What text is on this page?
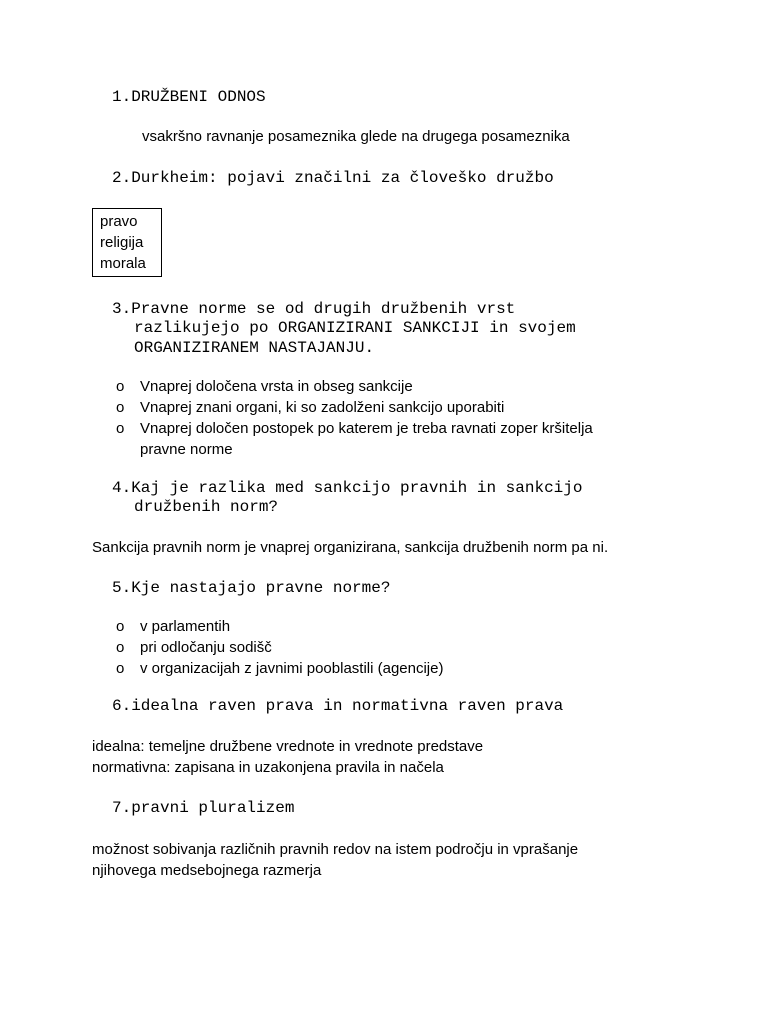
1. DRUŽBENI ODNOS
vsakršno ravnanje posameznika glede na drugega posameznika
2. Durkheim: pojavi značilni za človeško družbo
pravo
religija
morala
3. Pravne norme se od drugih družbenih vrst
razlikujejo po ORGANIZIRANI SANKCIJI in svojem
ORGANIZIRANEM NASTAJANJU.
o Vnaprej določena vrsta in obseg sankcije
o Vnaprej znani organi, ki so zadolženi sankcijo uporabiti
o Vnaprej določen postopek po katerem je treba ravnati zoper kršitelja
pravne norme
4. Kaj je razlika med sankcijo pravnih in sankcijo
družbenih norm?
Sankcija pravnih norm je vnaprej organizirana, sankcija družbenih norm pa ni.
5. Kje nastajajo pravne norme?
o v parlamentih
o pri odločanju sodišč
o v organizacijah z javnimi pooblastili (agencije)
6. idealna raven prava in normativna raven prava
idealna: temeljne družbene vrednote in vrednote predstave
normativna: zapisana in uzakonjena pravila in načela
7. pravni pluralizem
možnost sobivanja različnih pravnih redov na istem področju in vprašanje
njihovega medsebojnega razmerja
